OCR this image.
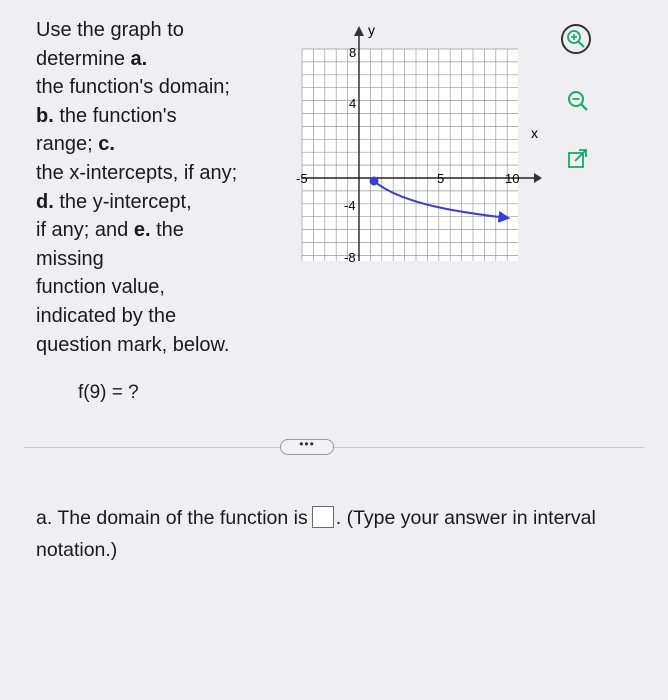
Use the graph to
determine a.
the function's domain;
b. the function's
range; c.
the x-intercepts, if any;
d. the y-intercept,
if any; and e. the
missing
function value,
indicated by the
question mark, below.
f(9) = ?
x
y
-5	5	10
8
4
-4
-8
•••
a. The domain of the function is . (Type your answer in interval notation.)
